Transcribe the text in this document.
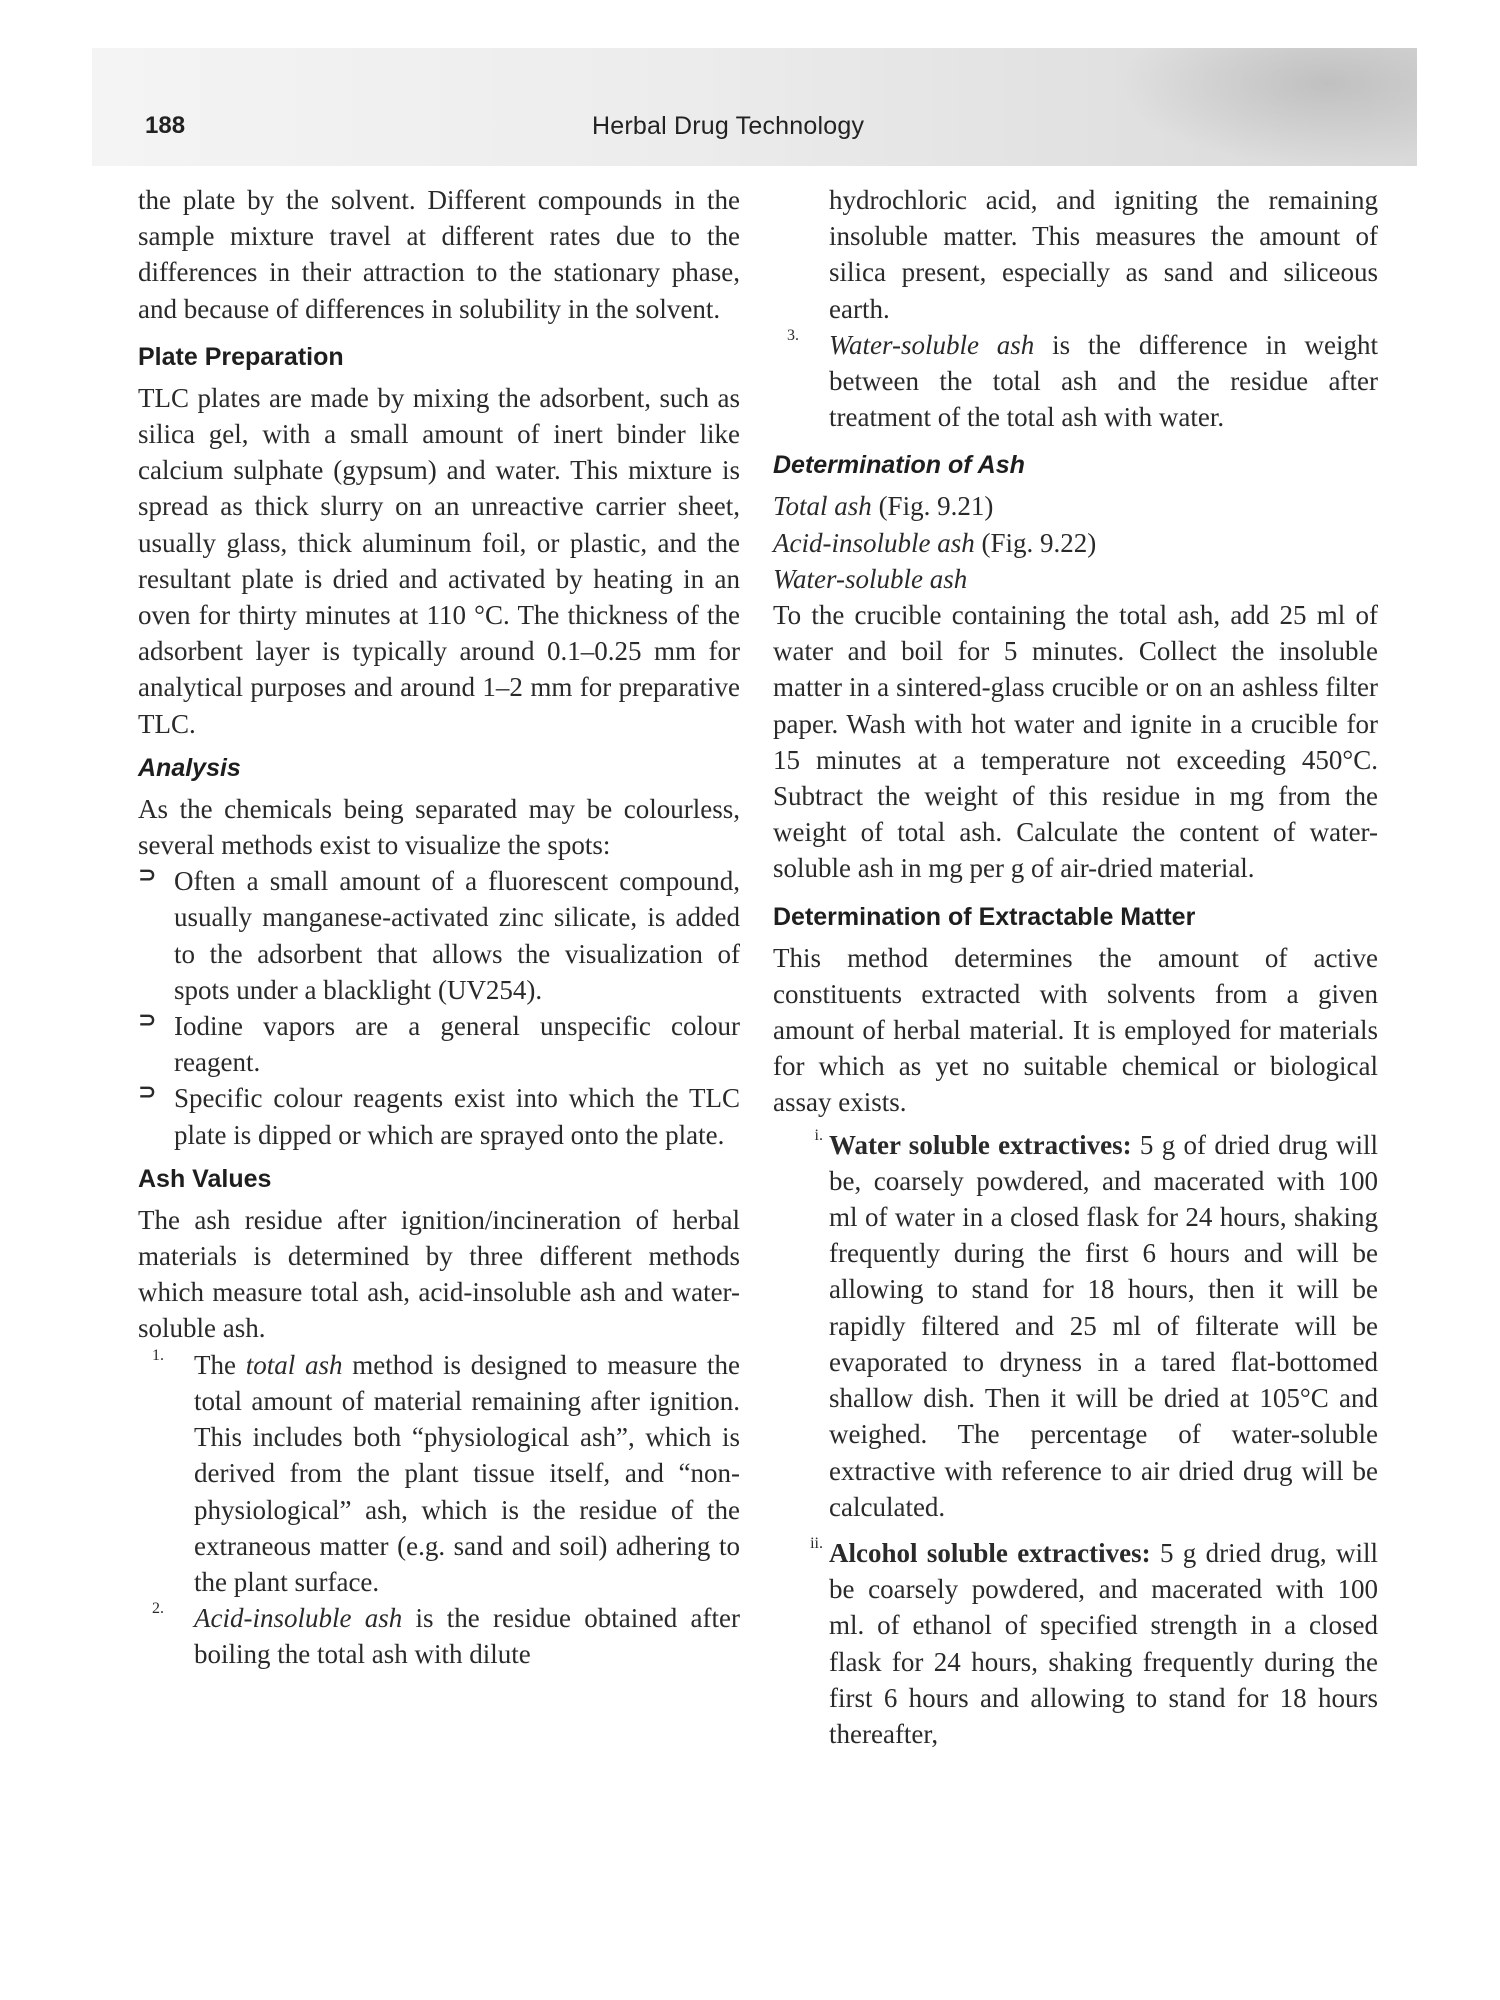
188	Herbal Drug Technology

the plate by the solvent. Different compounds in the sample mixture travel at different rates due to the differences in their attraction to the stationary phase, and because of differences in solubility in the solvent.

Plate Preparation

TLC plates are made by mixing the adsorbent, such as silica gel, with a small amount of inert binder like calcium sulphate (gypsum) and water. This mixture is spread as thick slurry on an unreactive carrier sheet, usually glass, thick aluminum foil, or plastic, and the resultant plate is dried and activated by heating in an oven for thirty minutes at 110 °C. The thickness of the adsorbent layer is typically around 0.1–0.25 mm for analytical purposes and around 1–2 mm for preparative TLC.

Analysis

As the chemicals being separated may be colourless, several methods exist to visualize the spots:

⊃ Often a small amount of a fluorescent compound, usually manganese-activated zinc silicate, is added to the adsorbent that allows the visualization of spots under a blacklight (UV254).

⊃ Iodine vapors are a general unspecific colour reagent.

⊃ Specific colour reagents exist into which the TLC plate is dipped or which are sprayed onto the plate.

Ash Values

The ash residue after ignition/incineration of herbal materials is determined by three different methods which measure total ash, acid-insoluble ash and water-soluble ash.

1. The total ash method is designed to measure the total amount of material remaining after ignition. This includes both “physiological ash”, which is derived from the plant tissue itself, and “non-physiological” ash, which is the residue of the extraneous matter (e.g. sand and soil) adhering to the plant surface.

2. Acid-insoluble ash is the residue obtained after boiling the total ash with dilute

hydrochloric acid, and igniting the remaining insoluble matter. This measures the amount of silica present, especially as sand and siliceous earth.

3. Water-soluble ash is the difference in weight between the total ash and the residue after treatment of the total ash with water.

Determination of Ash

Total ash (Fig. 9.21)

Acid-insoluble ash (Fig. 9.22)

Water-soluble ash

To the crucible containing the total ash, add 25 ml of water and boil for 5 minutes. Collect the insoluble matter in a sintered-glass crucible or on an ashless filter paper. Wash with hot water and ignite in a crucible for 15 minutes at a temperature not exceeding 450°C. Subtract the weight of this residue in mg from the weight of total ash. Calculate the content of water-soluble ash in mg per g of air-dried material.

Determination of Extractable Matter

This method determines the amount of active constituents extracted with solvents from a given amount of herbal material. It is employed for materials for which as yet no suitable chemical or biological assay exists.

i. Water soluble extractives: 5 g of dried drug will be, coarsely powdered, and macerated with 100 ml of water in a closed flask for 24 hours, shaking frequently during the first 6 hours and will be allowing to stand for 18 hours, then it will be rapidly filtered and 25 ml of filterate will be evaporated to dryness in a tared flat-bottomed shallow dish. Then it will be dried at 105°C and weighed. The percentage of water-soluble extractive with reference to air dried drug will be calculated.

ii. Alcohol soluble extractives: 5 g dried drug, will be coarsely powdered, and macerated with 100 ml. of ethanol of specified strength in a closed flask for 24 hours, shaking frequently during the first 6 hours and allowing to stand for 18 hours thereafter,
